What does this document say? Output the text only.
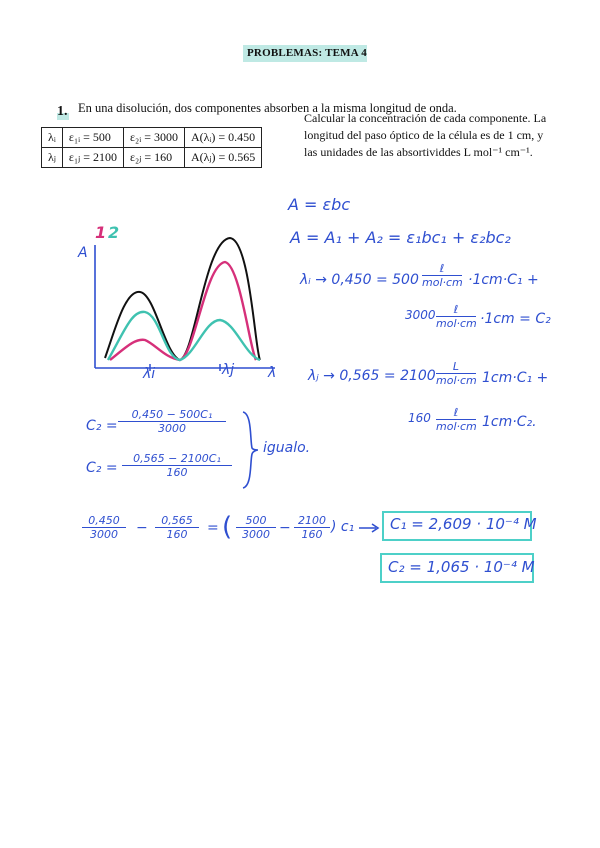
PROBLEMAS: TEMA 4
1. En una disolución, dos componentes absorben a la misma longitud de onda.
Calcular la concentración de cada componente. La
longitud del paso óptico de la célula es de 1 cm, y
las unidades de las absortividdes L mol⁻¹ cm⁻¹.
λᵢ	ε₁ᵢ = 500	ε₂ᵢ = 3000	A(λᵢ) = 0.450
λⱼ	ε₁ⱼ = 2100	ε₂ⱼ = 160	A(λⱼ) = 0.565
1 2
A
λ
λi	λj
A = εbc
A = A₁ + A₂ = ε₁bc₁ + ε₂bc₂
λᵢ → 0,450 = 500
ℓ
mol·cm ·1cm·C₁ +
3000	ℓ
mol·cm ·1cm = C₂
λⱼ → 0,565 = 2100
L
mol·cm 1cm·C₁ +
160	ℓ
mol·cm 1cm·C₂.
$C_2 = \frac{\text{0,450 − 500C₁}}{3000}$
$C_2 = \frac{\text{0,565 − 2100C₁}}{160}$
igualo.
$\frac{0,450}{3000} - \frac{0,565}{160}$ = ( $\frac{500}{3000} - \frac{2100}{160}$ ) c₁ C₁ = 2,609 · 10⁻⁴ M
C₂ = 1,065 · 10⁻⁴ M
